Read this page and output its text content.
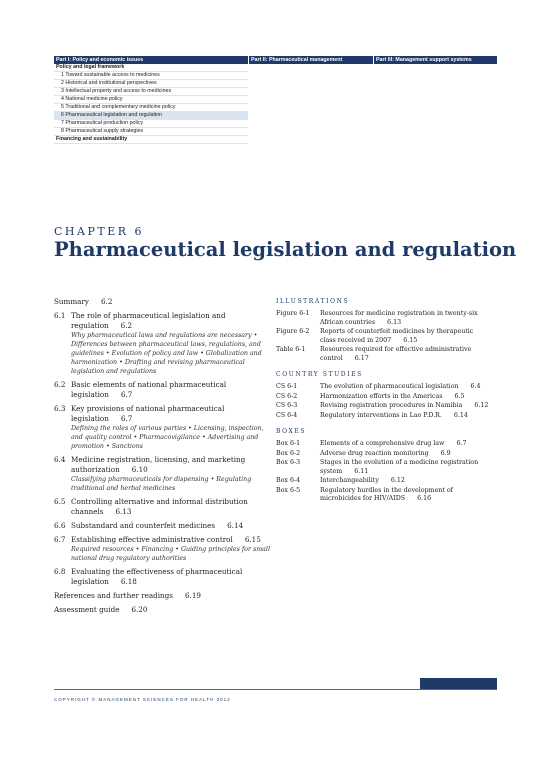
Part I: Policy and economic issues	Part II: Pharmaceutical management	Part III: Management support systems
Policy and legal framework
1 Toward sustainable access to medicines
2 Historical and institutional perspectives
3 Intellectual property and access to medicines
4 National medicine policy
5 Traditional and complementary medicine policy
6 Pharmaceutical legislation and regulation
7 Pharmaceutical production policy
8 Pharmaceutical supply strategies
Financing and sustainability
CHAPTER 6
Pharmaceutical legislation and regulation
Summary 6.2
6.1 The role of pharmaceutical legislation and regulation 6.2
Why pharmaceutical laws and regulations are necessary • Differences between pharmaceutical laws, regulations, and guidelines • Evolution of policy and law • Globalization and harmonization • Drafting and revising pharmaceutical legislation and regulations
6.2 Basic elements of national pharmaceutical legislation 6.7
6.3 Key provisions of national pharmaceutical legislation 6.7
Defining the roles of various parties • Licensing, inspection, and quality control • Pharmacovigilance • Advertising and promotion • Sanctions
6.4 Medicine registration, licensing, and marketing authorization 6.10
Classifying pharmaceuticals for dispensing • Regulating traditional and herbal medicines
6.5 Controlling alternative and informal distribution channels 6.13
6.6 Substandard and counterfeit medicines 6.14
6.7 Establishing effective administrative control 6.15
Required resources • Financing • Guiding principles for small national drug regulatory authorities
6.8 Evaluating the effectiveness of pharmaceutical legislation 6.18
References and further readings 6.19
Assessment guide 6.20
ILLUSTRATIONS
Figure 6-1	Resources for medicine registration in twenty-six African countries 6.13
Figure 6-2	Reports of counterfeit medicines by therapeutic class received in 2007 6.15
Table 6-1	Resources required for effective administrative control 6.17
COUNTRY STUDIES
CS 6-1	The evolution of pharmaceutical legislation 6.4
CS 6-2	Harmonization efforts in the Americas 6.5
CS 6-3	Revising registration procedures in Namibia 6.12
CS 6-4	Regulatory interventions in Lao P.D.R. 6.14
BOXES
Box 6-1	Elements of a comprehensive drug law 6.7
Box 6-2	Adverse drug reaction monitoring 6.9
Box 6-3	Stages in the evolution of a medicine registration system 6.11
Box 6-4	Interchangeability 6.12
Box 6-5	Regulatory hurdles in the development of microbicides for HIV/AIDS 6.16
COPYRIGHT © MANAGEMENT SCIENCES FOR HEALTH 2012
